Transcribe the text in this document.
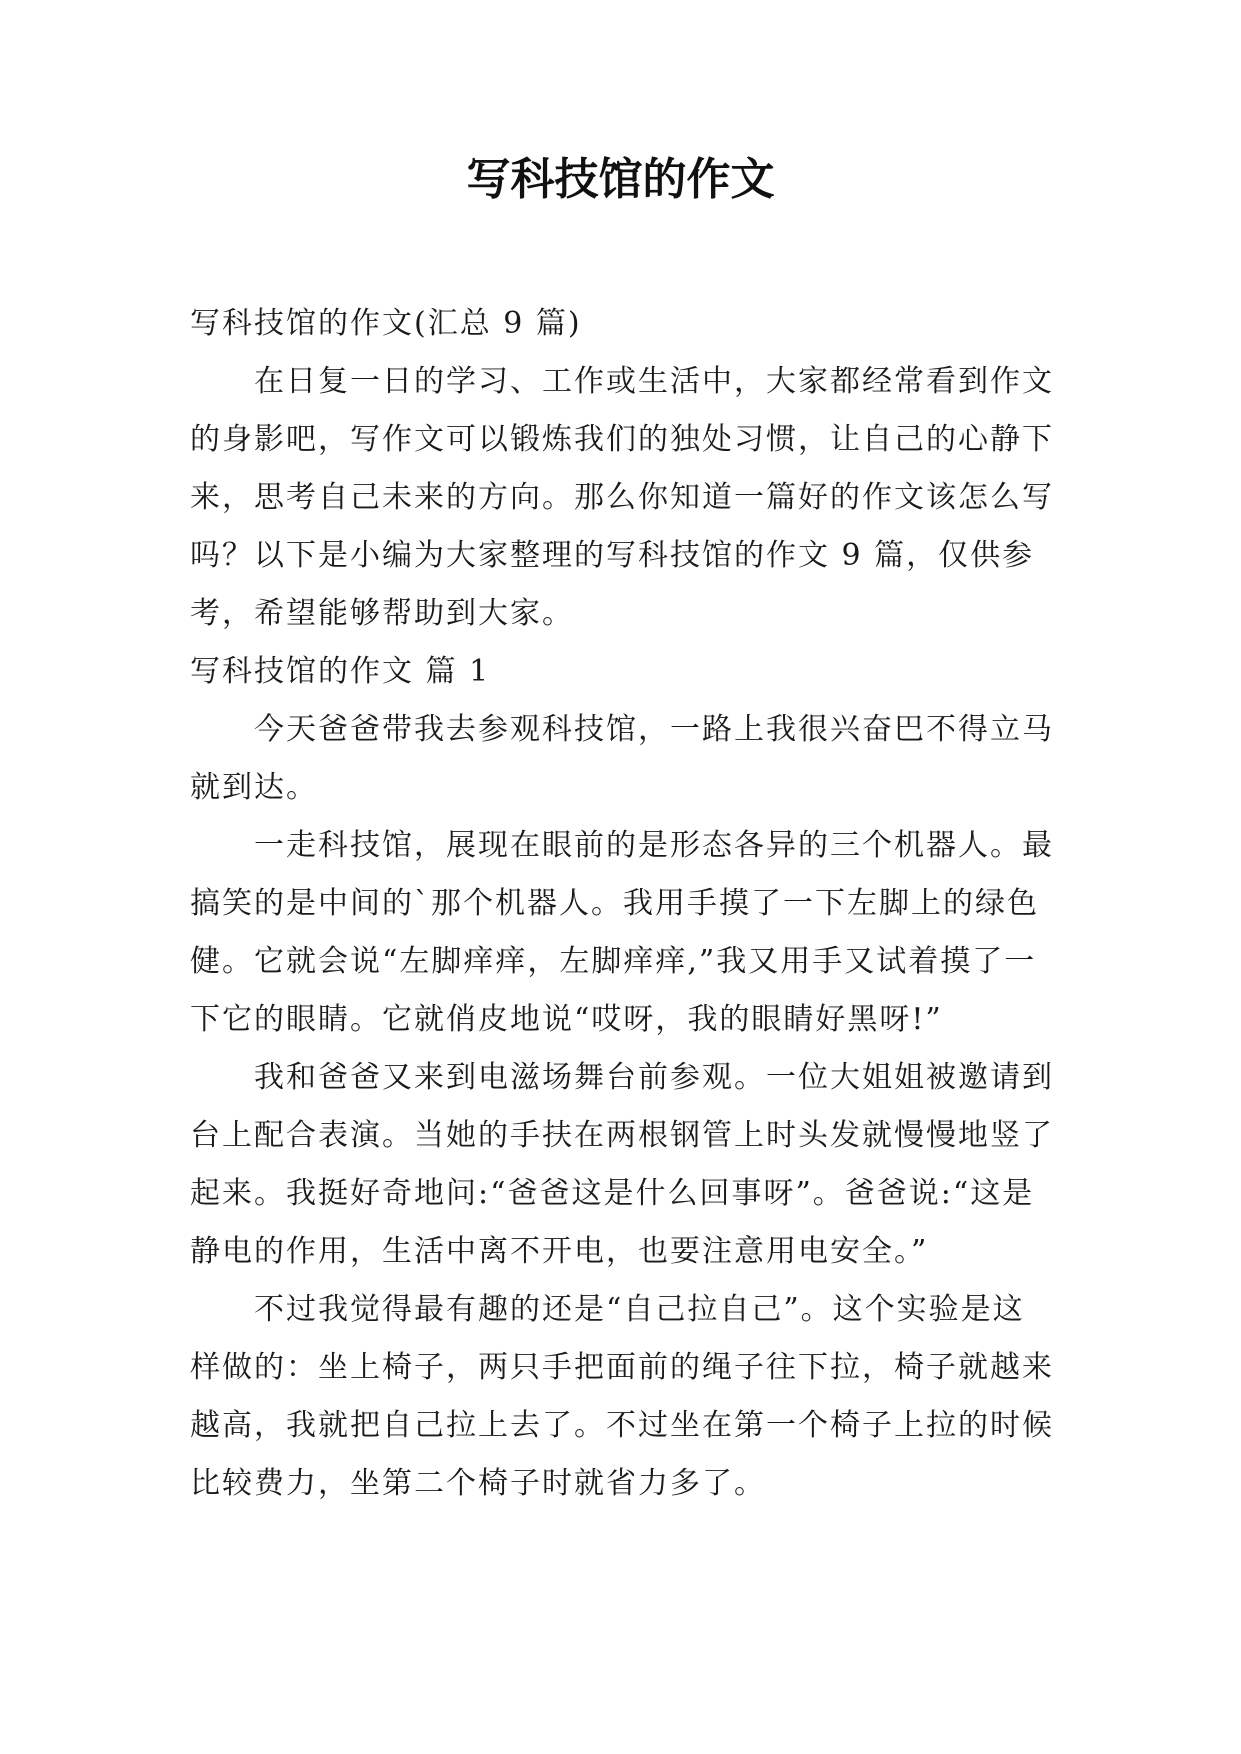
写科技馆的作文

写科技馆的作文(汇总 9 篇)

在日复一日的学习、工作或生活中，大家都经常看到作文的身影吧，写作文可以锻炼我们的独处习惯，让自己的心静下来，思考自己未来的方向。那么你知道一篇好的作文该怎么写吗？以下是小编为大家整理的写科技馆的作文 9 篇，仅供参考，希望能够帮助到大家。

写科技馆的作文 篇 1

今天爸爸带我去参观科技馆，一路上我很兴奋巴不得立马就到达。

一走科技馆，展现在眼前的是形态各异的三个机器人。最搞笑的是中间的`那个机器人。我用手摸了一下左脚上的绿色健。它就会说“左脚痒痒，左脚痒痒,”我又用手又试着摸了一下它的眼睛。它就俏皮地说“哎呀，我的眼睛好黑呀!”

我和爸爸又来到电滋场舞台前参观。一位大姐姐被邀请到台上配合表演。当她的手扶在两根钢管上时头发就慢慢地竖了起来。我挺好奇地问:“爸爸这是什么回事呀”。爸爸说:“这是静电的作用，生活中离不开电，也要注意用电安全。”

不过我觉得最有趣的还是“自己拉自己”。这个实验是这样做的：坐上椅子，两只手把面前的绳子往下拉，椅子就越来越高，我就把自己拉上去了。不过坐在第一个椅子上拉的时候比较费力，坐第二个椅子时就省力多了。
